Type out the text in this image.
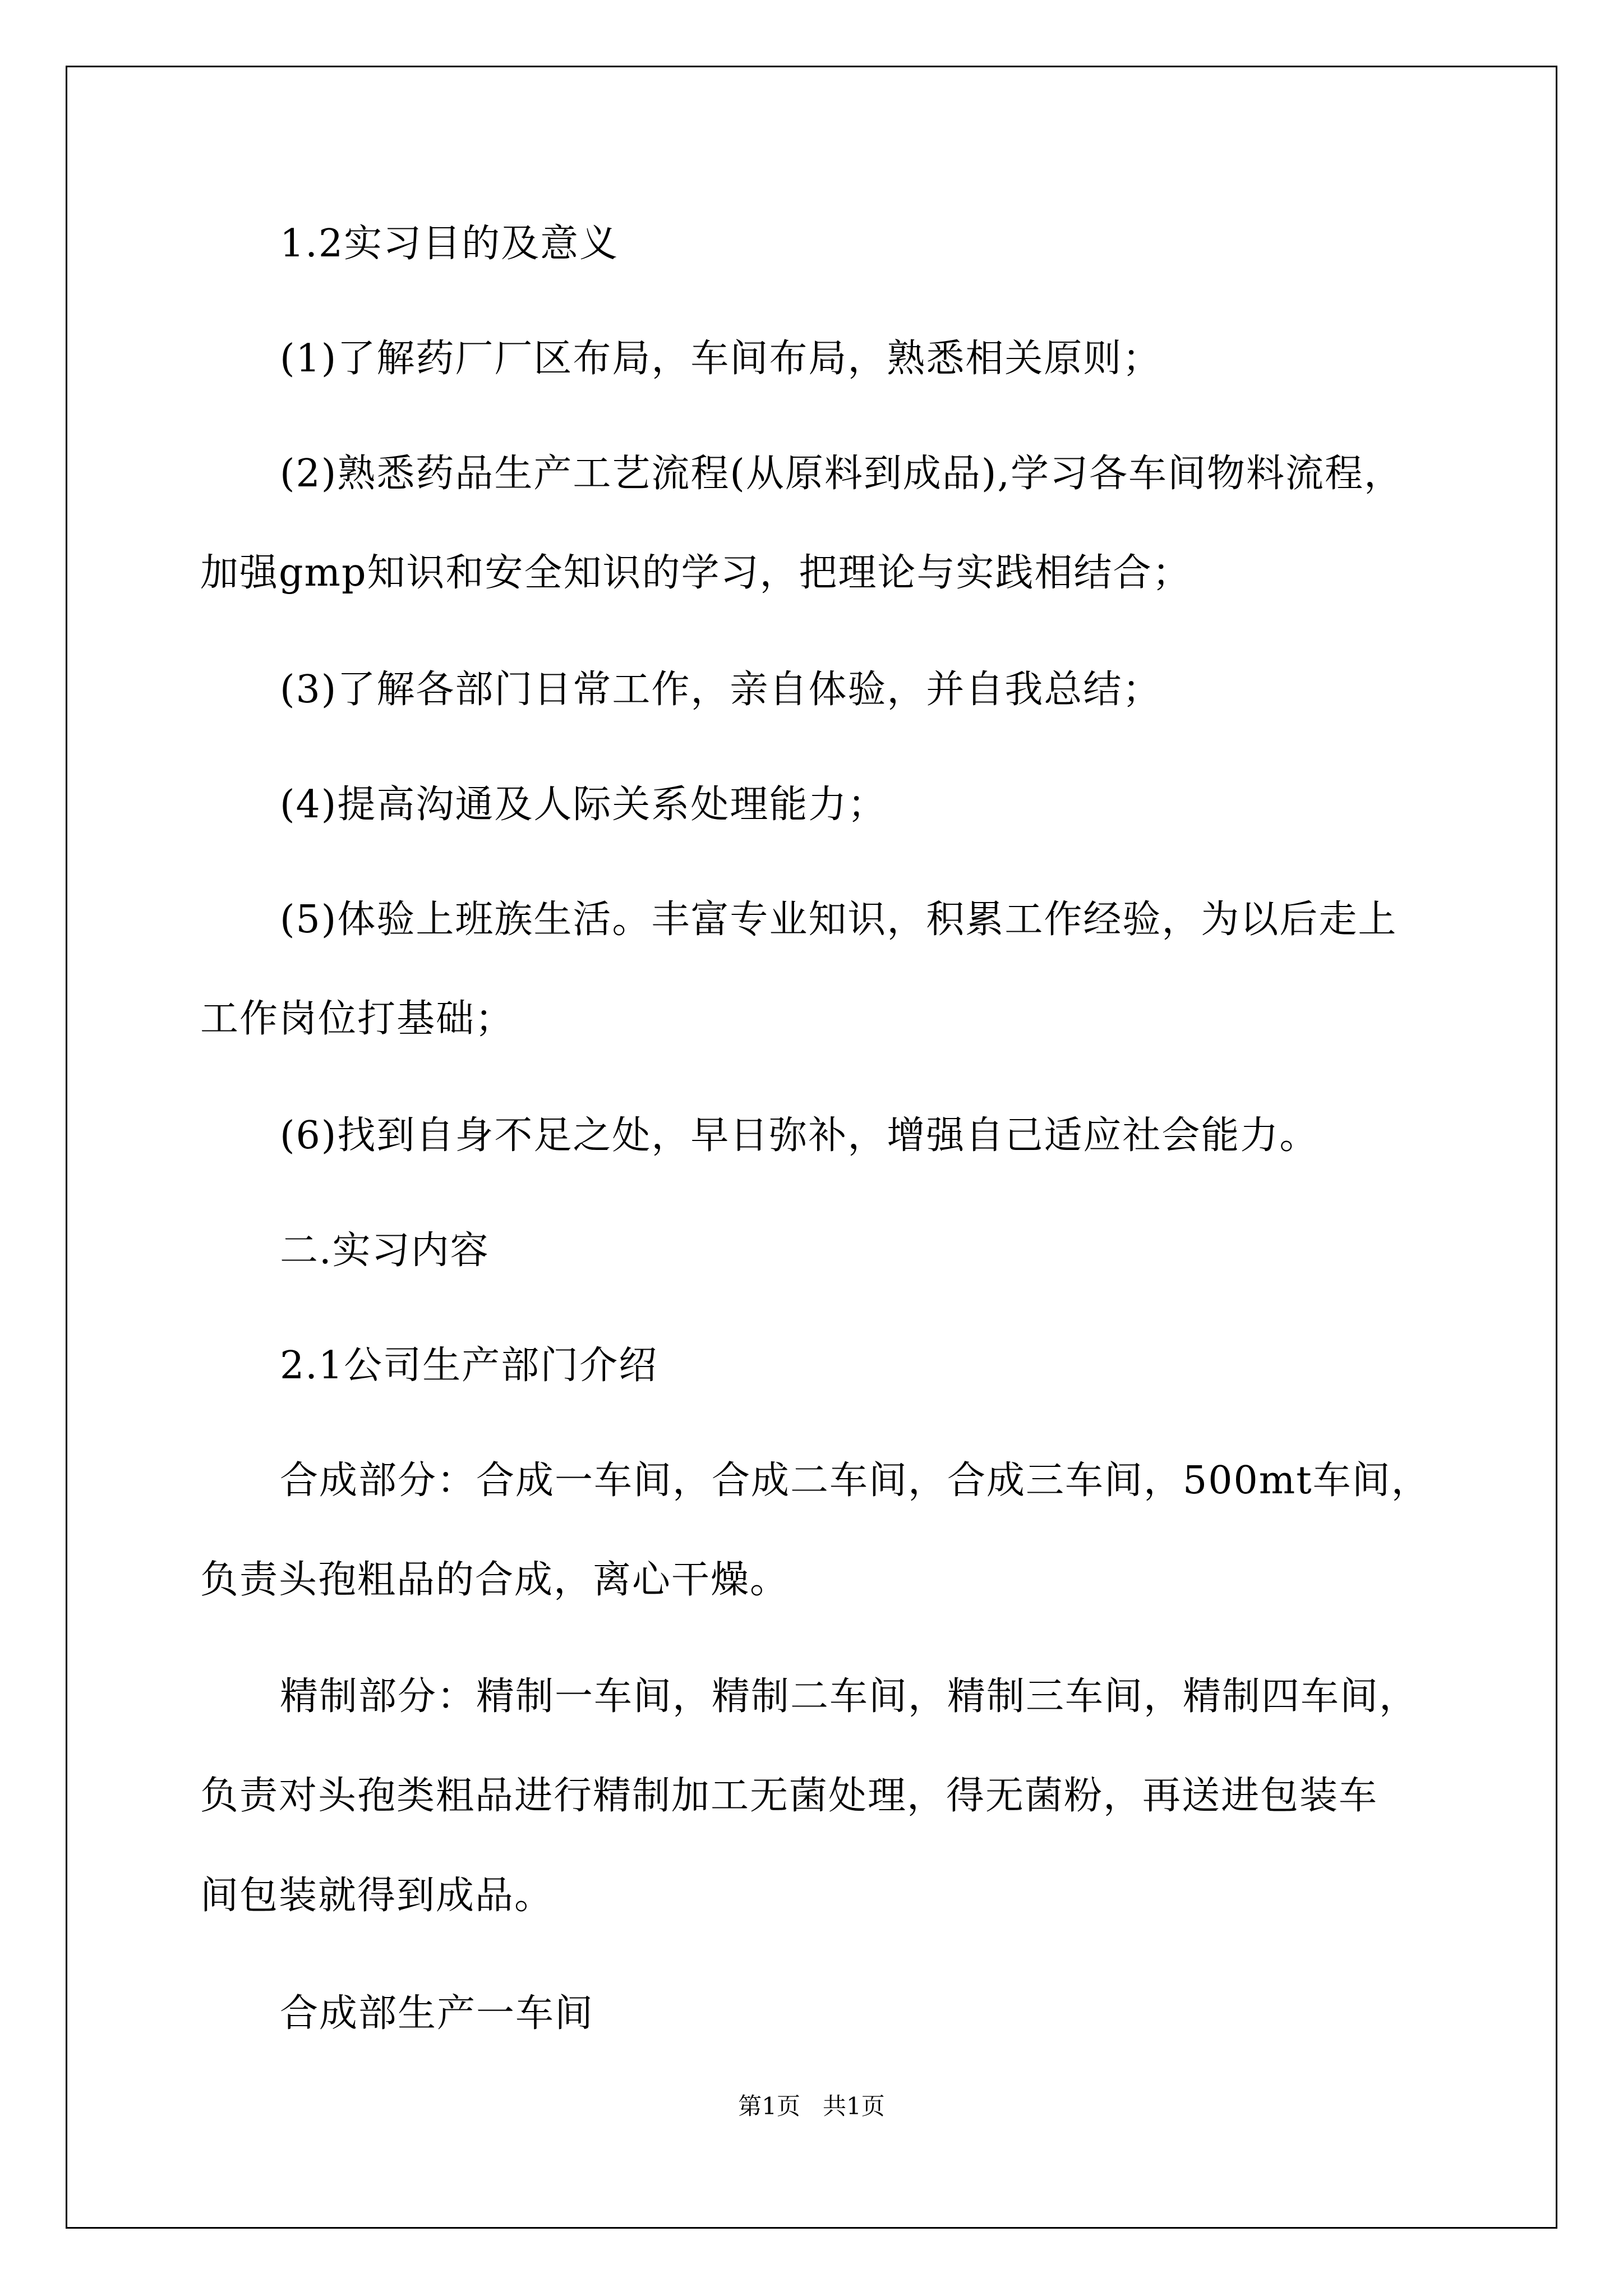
1.2实习目的及意义
(1)了解药厂厂区布局，车间布局，熟悉相关原则；
(2)熟悉药品生产工艺流程(从原料到成品),学习各车间物料流程，
加强gmp知识和安全知识的学习，把理论与实践相结合；
(3)了解各部门日常工作，亲自体验，并自我总结；
(4)提高沟通及人际关系处理能力；
(5)体验上班族生活。丰富专业知识，积累工作经验，为以后走上
工作岗位打基础；
(6)找到自身不足之处，早日弥补，增强自己适应社会能力。
二.实习内容
2.1公司生产部门介绍
合成部分：合成一车间，合成二车间，合成三车间，500mt车间，
负责头孢粗品的合成，离心干燥。
精制部分：精制一车间，精制二车间，精制三车间，精制四车间，
负责对头孢类粗品进行精制加工无菌处理，得无菌粉，再送进包装车
间包装就得到成品。
合成部生产一车间
第1页 共1页
